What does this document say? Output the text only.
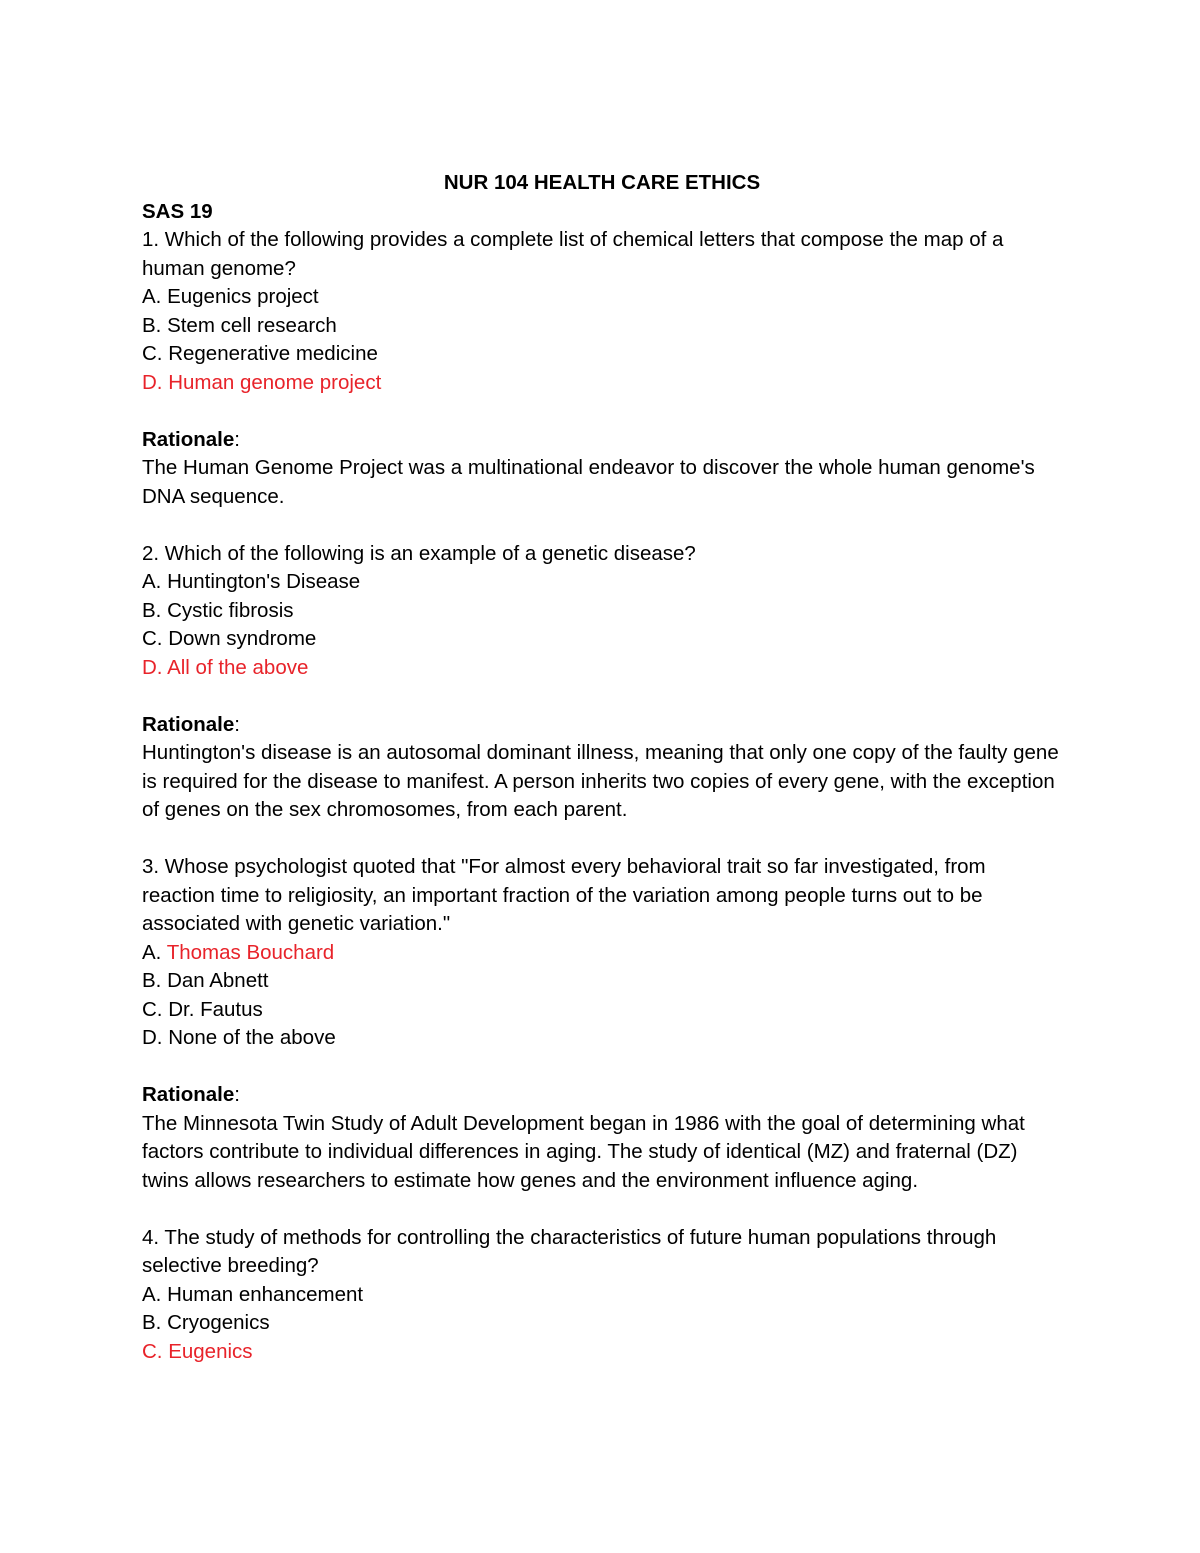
NUR 104 HEALTH CARE ETHICS

SAS 19

1. Which of the following provides a complete list of chemical letters that compose the map of a human genome?

A. Eugenics project

B. Stem cell research

C. Regenerative medicine

D. Human genome project

Rationale:

The Human Genome Project was a multinational endeavor to discover the whole human genome's DNA sequence.

2. Which of the following is an example of a genetic disease?

A. Huntington's Disease

B. Cystic fibrosis

C. Down syndrome

D. All of the above

Rationale:

Huntington's disease is an autosomal dominant illness, meaning that only one copy of the faulty gene is required for the disease to manifest. A person inherits two copies of every gene, with the exception of genes on the sex chromosomes, from each parent.

3. Whose psychologist quoted that "For almost every behavioral trait so far investigated, from reaction time to religiosity, an important fraction of the variation among people turns out to be associated with genetic variation."

A. Thomas Bouchard

B. Dan Abnett

C. Dr. Fautus

D. None of the above

Rationale:

The Minnesota Twin Study of Adult Development began in 1986 with the goal of determining what factors contribute to individual differences in aging. The study of identical (MZ) and fraternal (DZ) twins allows researchers to estimate how genes and the environment influence aging.

4. The study of methods for controlling the characteristics of future human populations through selective breeding?

A. Human enhancement

B. Cryogenics

C. Eugenics
